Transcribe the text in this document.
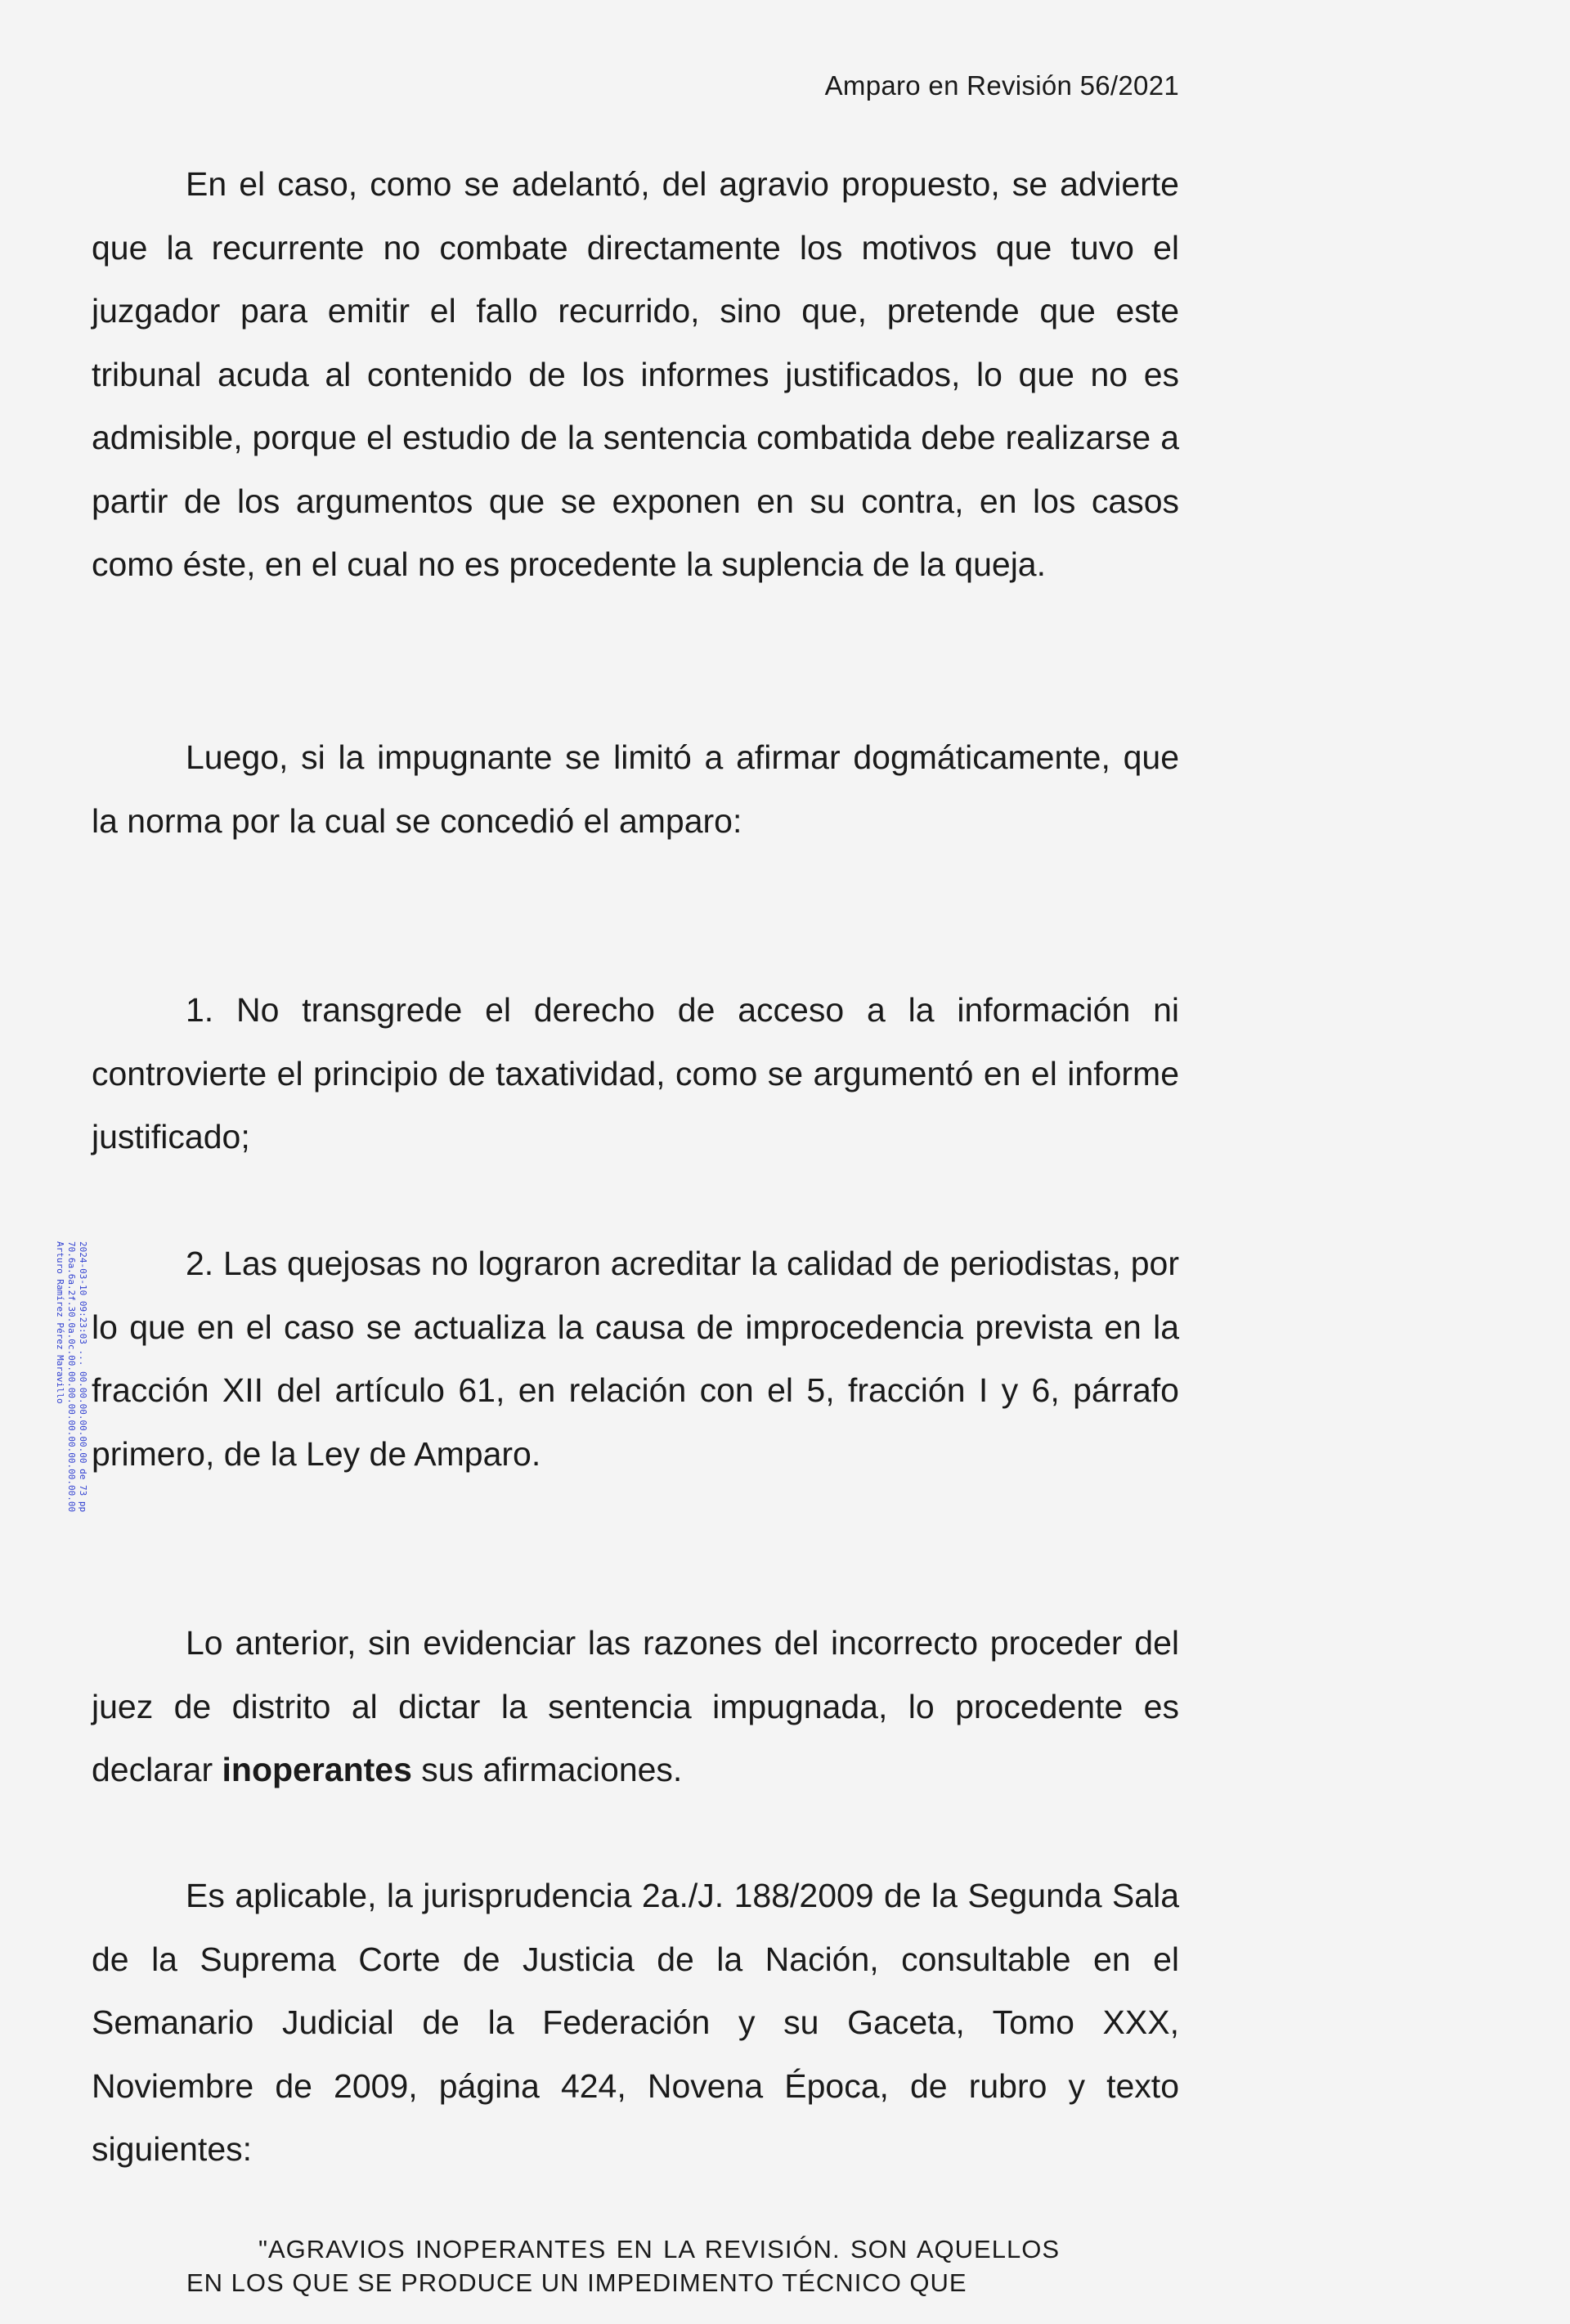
Amparo en Revisión 56/2021

En el caso, como se adelantó, del agravio propuesto, se advierte que la recurrente no combate directamente los motivos que tuvo el juzgador para emitir el fallo recurrido, sino que, pretende que este tribunal acuda al contenido de los informes justificados, lo que no es admisible, porque el estudio de la sentencia combatida debe realizarse a partir de los argumentos que se exponen en su contra, en los casos como éste, en el cual no es procedente la suplencia de la queja.

Luego, si la impugnante se limitó a afirmar dogmáticamente, que la norma por la cual se concedió el amparo:

1. No transgrede el derecho de acceso a la información ni controvierte el principio de taxatividad, como se argumentó en el informe justificado;

2. Las quejosas no lograron acreditar la calidad de periodistas, por lo que en el caso se actualiza la causa de improcedencia prevista en la fracción XII del artículo 61, en relación con el 5, fracción I y 6, párrafo primero, de la Ley de Amparo.

Lo anterior, sin evidenciar las razones del incorrecto proceder del juez de distrito al dictar la sentencia impugnada, lo procedente es declarar inoperantes sus afirmaciones.

Es aplicable, la jurisprudencia 2a./J. 188/2009 de la Segunda Sala de la Suprema Corte de Justicia de la Nación, consultable en el Semanario Judicial de la Federación y su Gaceta, Tomo XXX, Noviembre de 2009, página 424, Novena Época, de rubro y texto siguientes:

"AGRAVIOS INOPERANTES EN LA REVISIÓN. SON AQUELLOS EN LOS QUE SE PRODUCE UN IMPEDIMENTO TÉCNICO QUE

Arturo Ramírez Pérez Maravillo 70.6a.6a.2f.30.0a.0c.00.00.00.00.00.00.00.00.00.00 2024-03-10 09:23:03 ... 00.00.00.00.00.00 de 73 pp
